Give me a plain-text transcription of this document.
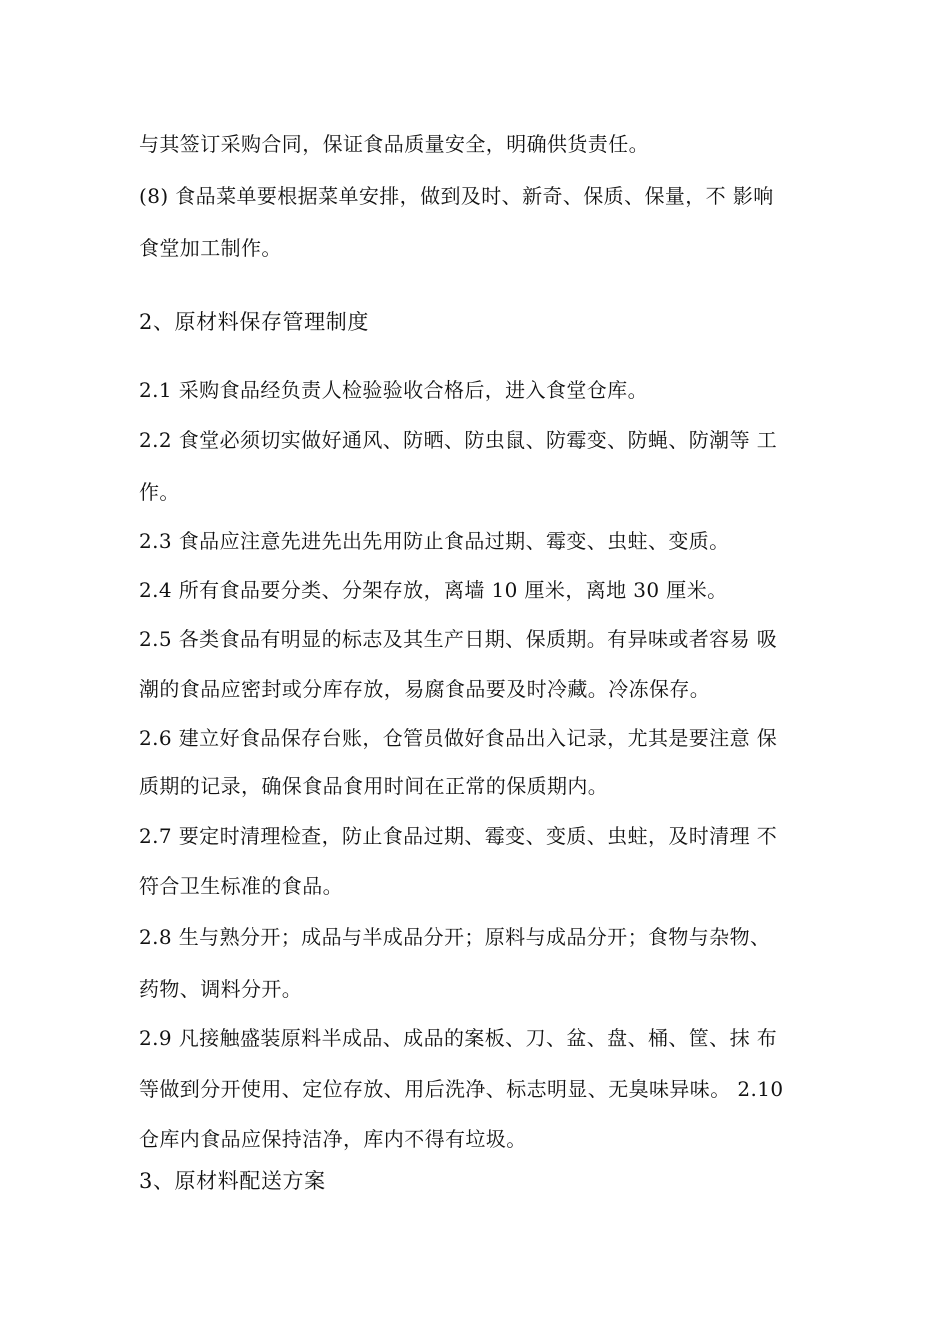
与其签订采购合同，保证食品质量安全，明确供货责任。
(8) 食品菜单要根据菜单安排，做到及时、新奇、保质、保量，不 影响
食堂加工制作。
2、原材料保存管理制度
2.1 采购食品经负责人检验验收合格后，进入食堂仓库。
2.2 食堂必须切实做好通风、防晒、防虫鼠、防霉变、防蝇、防潮等 工
作。
2.3 食品应注意先进先出先用防止食品过期、霉变、虫蛀、变质。
2.4 所有食品要分类、分架存放，离墙 10 厘米，离地 30 厘米。
2.5 各类食品有明显的标志及其生产日期、保质期。有异味或者容易 吸
潮的食品应密封或分库存放，易腐食品要及时冷藏。冷冻保存。
2.6 建立好食品保存台账，仓管员做好食品出入记录，尤其是要注意 保
质期的记录，确保食品食用时间在正常的保质期内。
2.7 要定时清理检查，防止食品过期、霉变、变质、虫蛀，及时清理 不
符合卫生标准的食品。
2.8 生与熟分开；成品与半成品分开；原料与成品分开；食物与杂物、
药物、调料分开。
2.9 凡接触盛装原料半成品、成品的案板、刀、盆、盘、桶、筐、抹 布
等做到分开使用、定位存放、用后洗净、标志明显、无臭味异味。 2.10
仓库内食品应保持洁净，库内不得有垃圾。
3、原材料配送方案
